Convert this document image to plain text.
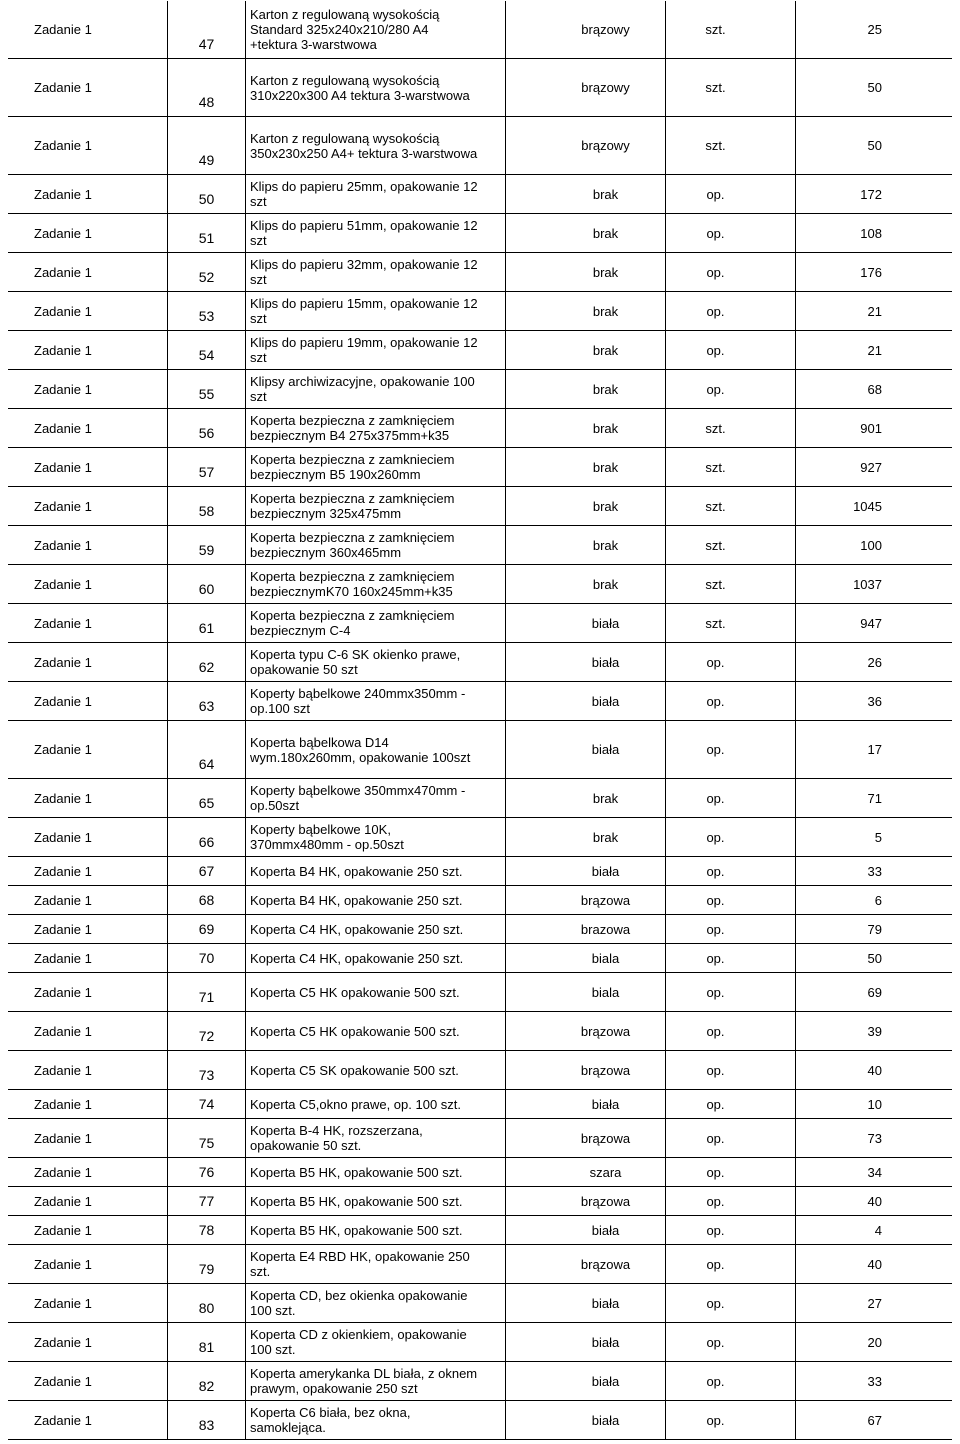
Zadanie 1
47
Karton z regulowaną wysokością
Standard 325x240x210/280 A4
+tektura 3-warstwowa
brązowy	szt.	25
Zadanie 1
48
Karton z regulowaną wysokością
310x220x300 A4 tektura 3-warstwowa	brązowy	szt.	50
Zadanie 1
49
Karton z regulowaną wysokością
350x230x250 A4+ tektura 3-warstwowa	brązowy	szt.	50
Zadanie 1	50
Klips do papieru 25mm, opakowanie 12
szt	brak	op.	172
Zadanie 1	51
Klips do papieru 51mm, opakowanie 12
szt	brak	op.	108
Zadanie 1	52
Klips do papieru 32mm, opakowanie 12
szt	brak	op.	176
Zadanie 1	53
Klips do papieru 15mm, opakowanie 12
szt	brak	op.	21
Zadanie 1	54
Klips do papieru 19mm, opakowanie 12
szt	brak	op.	21
Zadanie 1	55
Klipsy archiwizacyjne, opakowanie 100
szt	brak	op.	68
Zadanie 1	56
Koperta bezpieczna z zamknięciem
bezpiecznym B4 275x375mm+k35	brak	szt.	901
Zadanie 1	57
Koperta bezpieczna z zamknieciem
bezpiecznym B5 190x260mm	brak	szt.	927
Zadanie 1	58
Koperta bezpieczna z zamknięciem
bezpiecznym 325x475mm	brak	szt.	1045
Zadanie 1	59
Koperta bezpieczna z zamknięciem
bezpiecznym 360x465mm	brak	szt.	100
Zadanie 1	60
Koperta bezpieczna z zamknięciem
bezpiecznymK70 160x245mm+k35	brak	szt.	1037
Zadanie 1	61
Koperta bezpieczna z zamknięciem
bezpiecznym C-4	biała	szt.	947
Zadanie 1	62
Koperta typu C-6 SK okienko prawe,
opakowanie 50 szt	biała	op.	26
Zadanie 1	63
Koperty bąbelkowe 240mmx350mm -
op.100 szt	biała	op.	36
Zadanie 1
64
Koperta bąbelkowa D14
wym.180x260mm, opakowanie 100szt	biała	op.	17
Zadanie 1	65
Koperty bąbelkowe 350mmx470mm -
op.50szt	brak	op.	71
Zadanie 1	66
Koperty bąbelkowe 10K,
370mmx480mm - op.50szt	brak	op.	5
Zadanie 1	67	Koperta B4 HK, opakowanie 250 szt.	biała	op.	33
Zadanie 1	68	Koperta B4 HK, opakowanie 250 szt.	brązowa	op.	6
Zadanie 1	69	Koperta C4 HK, opakowanie 250 szt.	brazowa	op.	79
Zadanie 1	70	Koperta C4 HK, opakowanie 250 szt.	biala	op.	50
Zadanie 1	71	Koperta C5 HK opakowanie 500 szt.	biala	op.	69
Zadanie 1	72	Koperta C5 HK opakowanie 500 szt.	brązowa	op.	39
Zadanie 1	73	Koperta C5 SK opakowanie 500 szt.	brązowa	op.	40
Zadanie 1	74	Koperta C5,okno prawe, op. 100 szt.	biała	op.	10
Zadanie 1	75
Koperta B-4 HK, rozszerzana,
opakowanie 50 szt.	brązowa	op.	73
Zadanie 1	76	Koperta B5 HK, opakowanie 500 szt.	szara	op.	34
Zadanie 1	77	Koperta B5 HK, opakowanie 500 szt.	brązowa	op.	40
Zadanie 1	78	Koperta B5 HK, opakowanie 500 szt.	biała	op.	4
Zadanie 1	79
Koperta E4 RBD HK, opakowanie 250
szt.	brązowa	op.	40
Zadanie 1	80
Koperta CD, bez okienka opakowanie
100 szt.	biała	op.	27
Zadanie 1	81
Koperta CD z okienkiem, opakowanie
100 szt.	biała	op.	20
Zadanie 1	82
Koperta amerykanka DL biała, z oknem
prawym, opakowanie 250 szt	biała	op.	33
Zadanie 1	83
Koperta C6 biała, bez okna,
samoklejąca.	biała	op.	67
